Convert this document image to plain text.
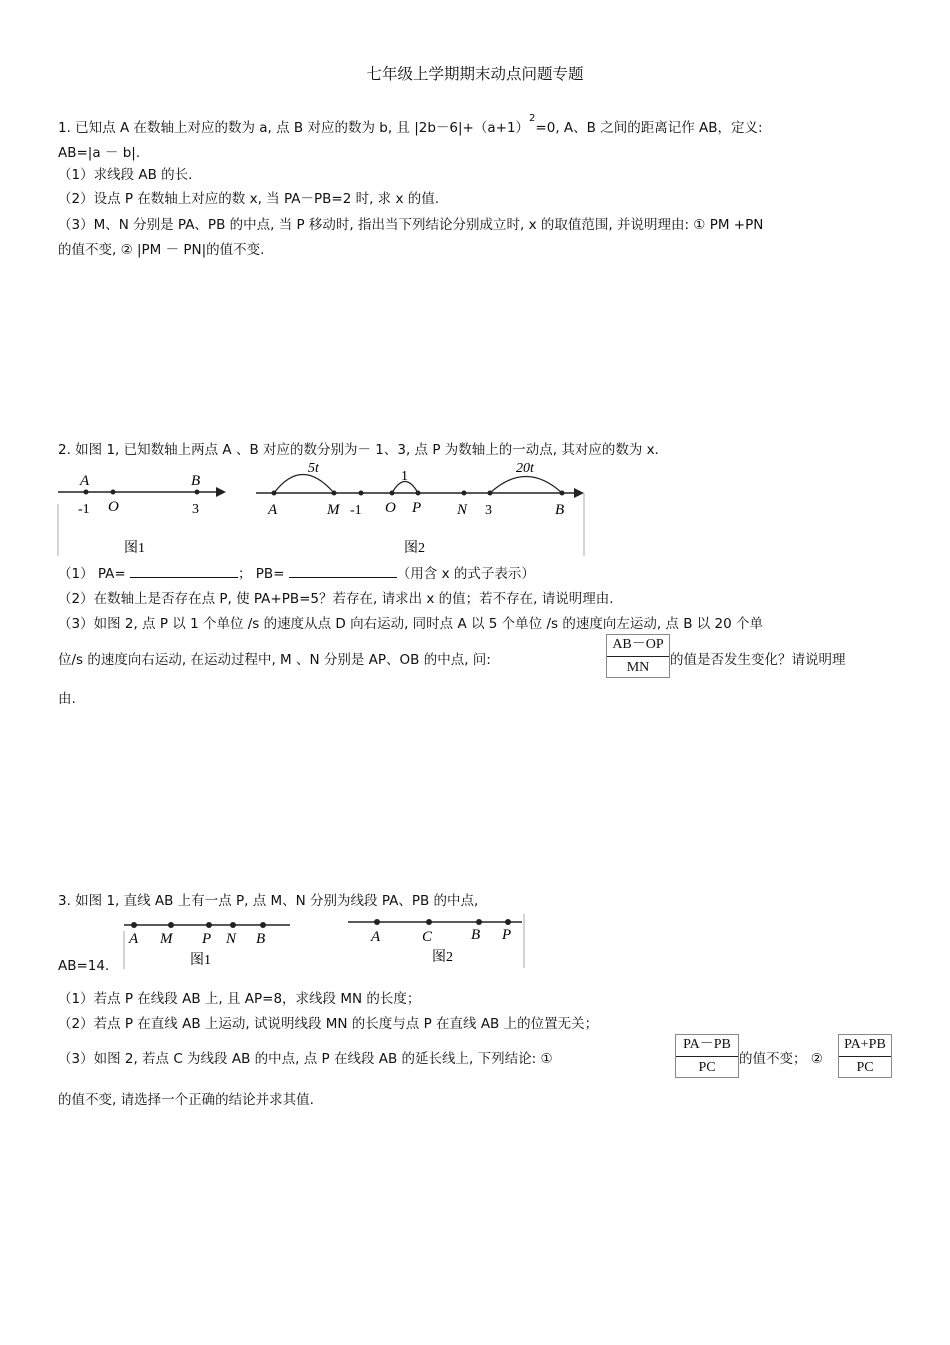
七年级上学期期末动点问题专题
1. 已知点 A 在数轴上对应的数为 a, 点 B 对应的数为 b, 且 $|2b-6|+(a+1)^2=0$, A、B 之间的距离记作 AB，定义:
AB=|a － b|.
（1）求线段 AB 的长.
（2）设点 P 在数轴上对应的数 x, 当 PA－PB=2 时, 求 x 的值.
（3）M、N 分别是 PA、PB 的中点, 当 P 移动时, 指出当下列结论分别成立时, x 的取值范围, 并说明理由: ① PM +PN
的值不变, ② |PM － PN|的值不变.
2. 如图 1, 已知数轴上两点 A 、B 对应的数分别为－ 1、3, 点 P 为数轴上的一动点, 其对应的数为 x．
A	B
-1 O	3
图1
5t
1
20t
A	M -1 O P N 3	B
图2
（1） PA=	； PB=	（用含 x 的式子表示）
（2）在数轴上是否存在点 P, 使 PA+PB=5？若存在, 请求出 x 的值；若不存在, 请说明理由.
（3）如图 2, 点 P 以 1 个单位 /s 的速度从点 D 向右运动, 同时点 A 以 5 个单位 /s 的速度向左运动, 点 B 以 20 个单
位/s 的速度向右运动, 在运动过程中, M 、N 分别是 AP、OB 的中点, 问:	$\frac{AB-OP}{MN}$ 的值是否发生变化？请说明理
由.
3. 如图 1, 直线 AB 上有一点 P, 点 M、N 分别为线段 PA、PB 的中点,
AB=14．
A M P N B
图1
A	C	B P
图2
（1）若点 P 在线段 AB 上, 且 AP=8，求线段 MN 的长度；
（2）若点 P 在直线 AB 上运动, 试说明线段 MN 的长度与点 P 在直线 AB 上的位置无关；
（3）如图 2, 若点 C 为线段 AB 的中点, 点 P 在线段 AB 的延长线上, 下列结论: ①	$\frac{PA-PB}{PC}$ 的值不变； ② $\frac{PA+PB}{PC}$
的值不变, 请选择一个正确的结论并求其值.
